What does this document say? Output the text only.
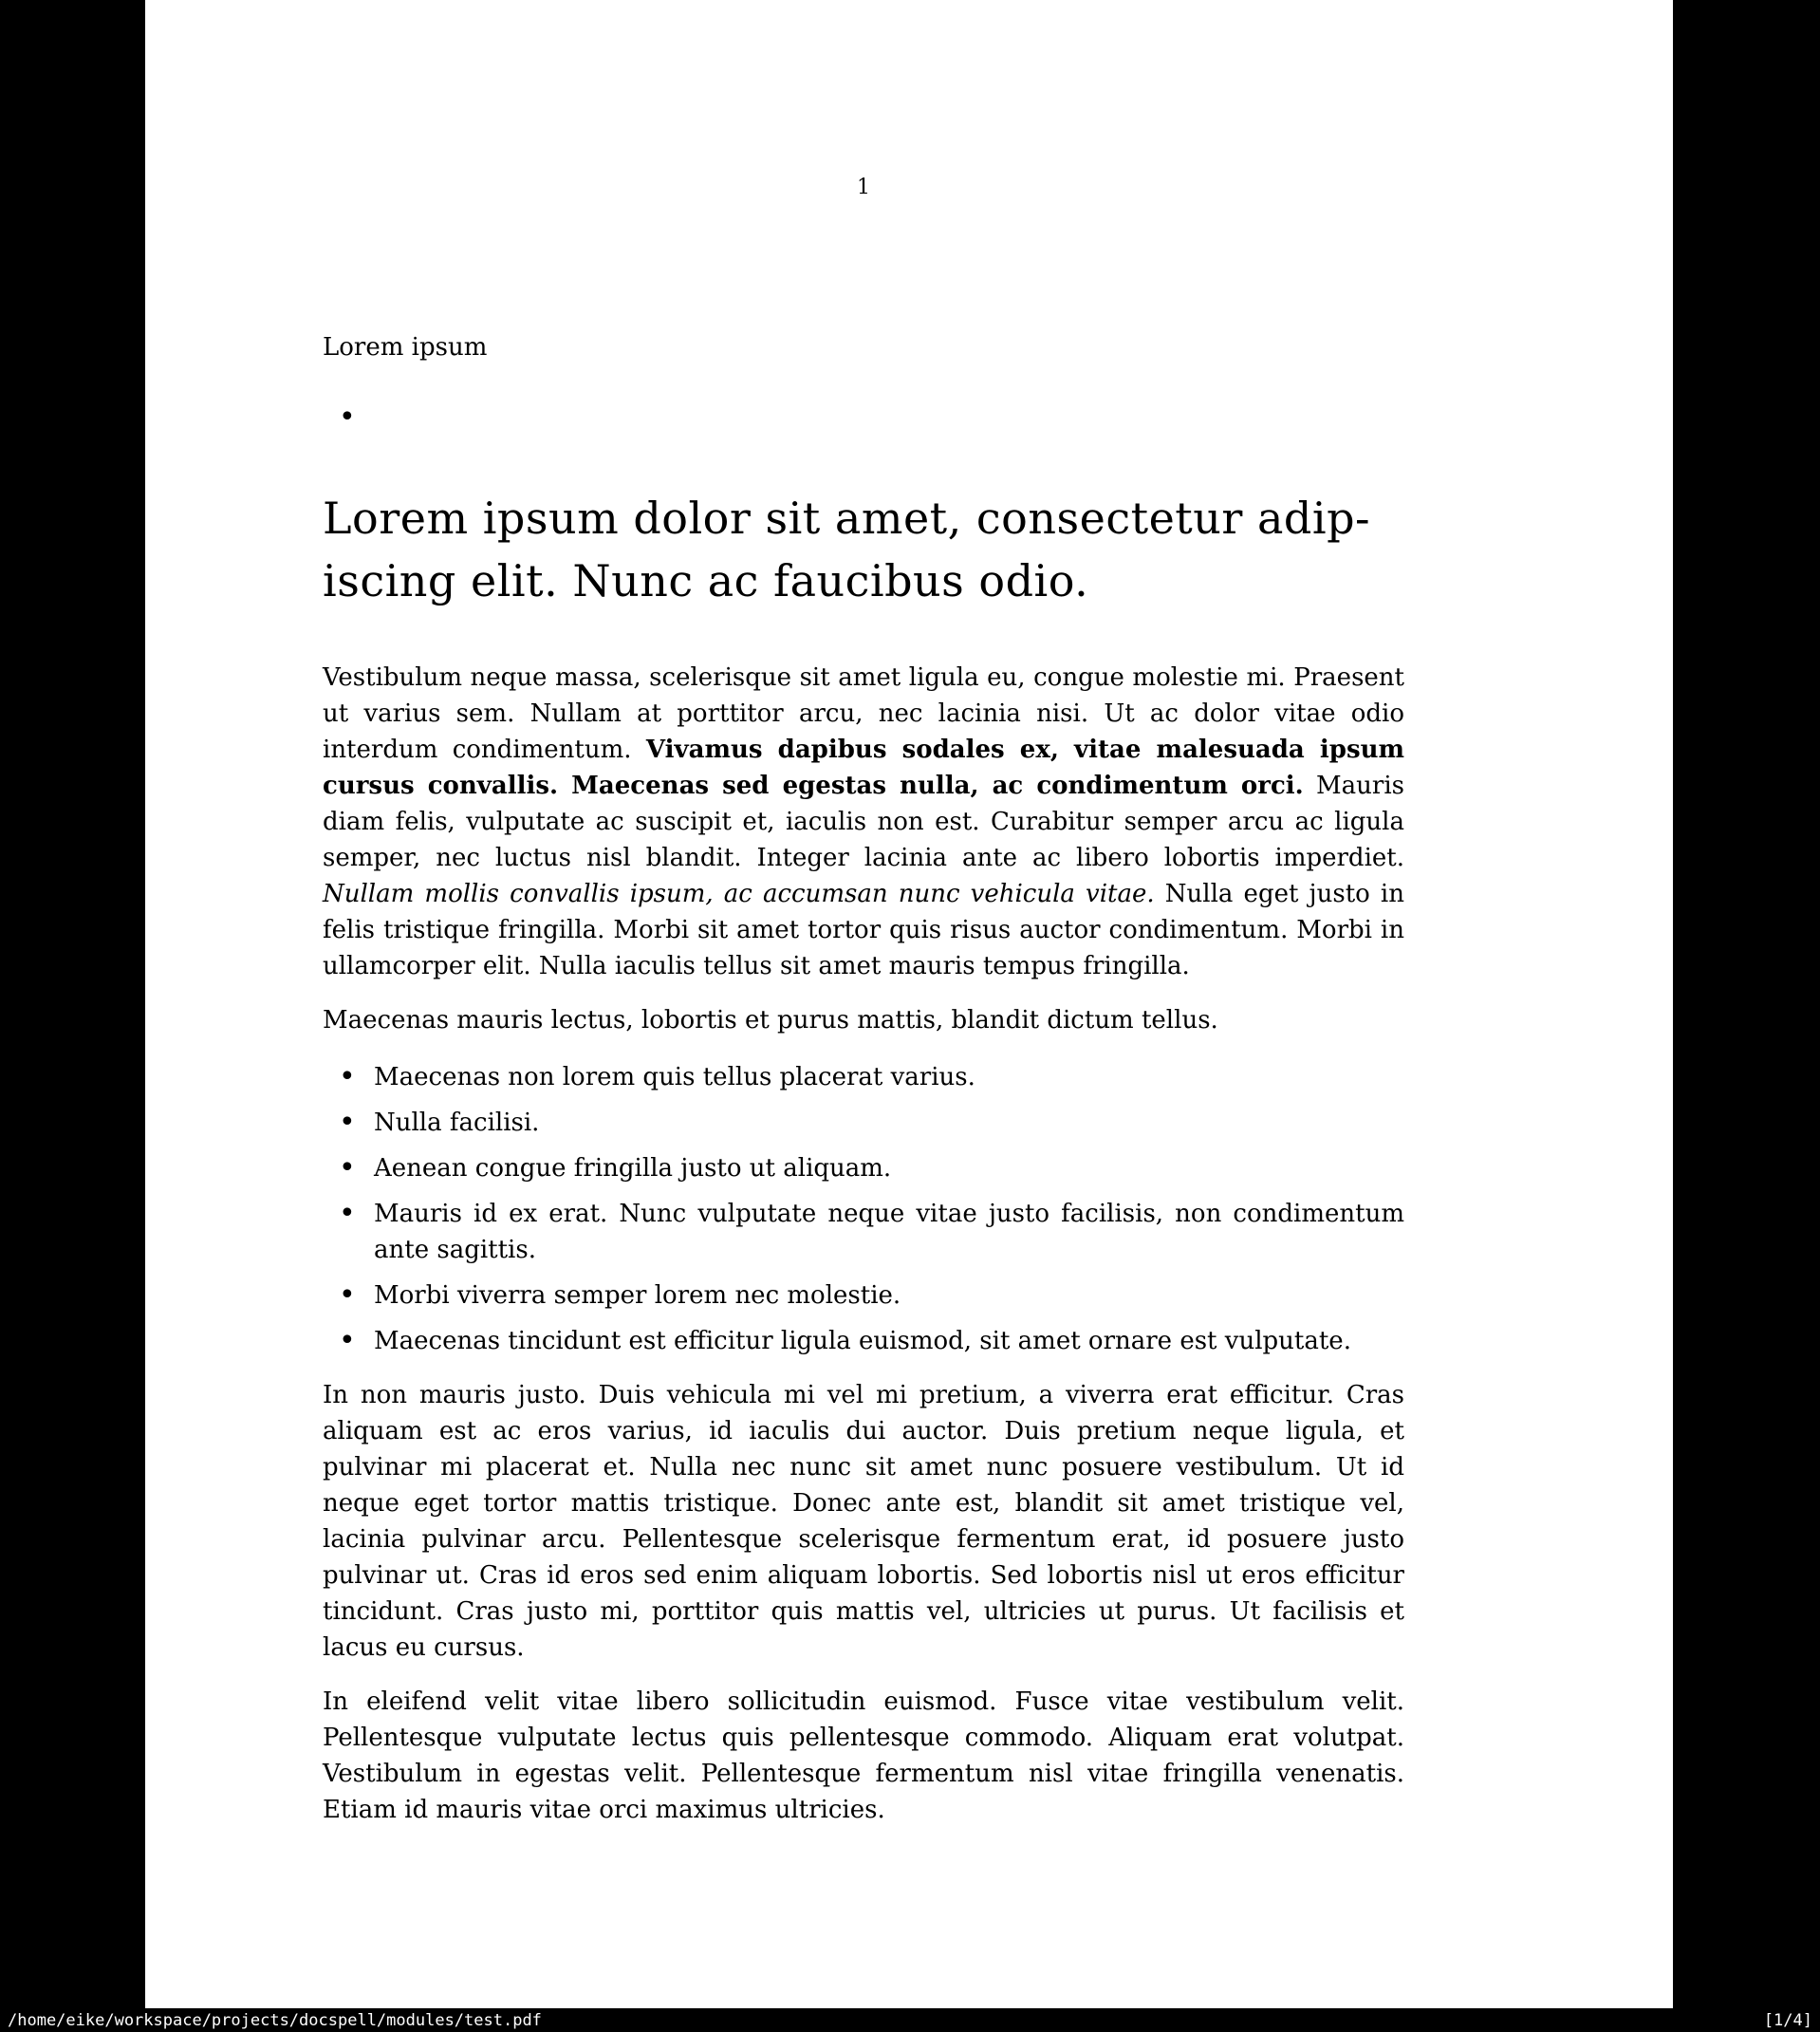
1
Lorem ipsum
•
Lorem ipsum dolor sit amet, consectetur adip-
iscing elit. Nunc ac faucibus odio.
Vestibulum neque massa, scelerisque sit amet ligula eu, congue molestie mi. Praesent ut varius sem. Nullam at porttitor arcu, nec lacinia nisi. Ut ac dolor vitae odio interdum condimentum. Vivamus dapibus sodales ex, vitae malesuada ipsum cursus convallis. Maecenas sed egestas nulla, ac condimentum orci. Mauris diam felis, vulputate ac suscipit et, iaculis non est. Curabitur semper arcu ac ligula semper, nec luctus nisl blandit. Integer lacinia ante ac libero lobortis imperdiet. Nullam mollis convallis ipsum, ac accumsan nunc vehicula vitae. Nulla eget justo in felis tristique fringilla. Morbi sit amet tortor quis risus auctor condimentum. Morbi in ullamcorper elit. Nulla iaculis tellus sit amet mauris tempus fringilla.
Maecenas mauris lectus, lobortis et purus mattis, blandit dictum tellus.
• Maecenas non lorem quis tellus placerat varius.
• Nulla facilisi.
• Aenean congue fringilla justo ut aliquam.
• Mauris id ex erat. Nunc vulputate neque vitae justo facilisis, non condimentum ante sagittis.
• Morbi viverra semper lorem nec molestie.
• Maecenas tincidunt est efficitur ligula euismod, sit amet ornare est vulputate.
In non mauris justo. Duis vehicula mi vel mi pretium, a viverra erat efficitur. Cras aliquam est ac eros varius, id iaculis dui auctor. Duis pretium neque ligula, et pulvinar mi placerat et. Nulla nec nunc sit amet nunc posuere vestibulum. Ut id neque eget tortor mattis tristique. Donec ante est, blandit sit amet tristique vel, lacinia pulvinar arcu. Pellentesque scelerisque fermentum erat, id posuere justo pulvinar ut. Cras id eros sed enim aliquam lobortis. Sed lobortis nisl ut eros efficitur tincidunt. Cras justo mi, porttitor quis mattis vel, ultricies ut purus. Ut facilisis et lacus eu cursus.
In eleifend velit vitae libero sollicitudin euismod. Fusce vitae vestibulum velit. Pellentesque vulputate lectus quis pellentesque commodo. Aliquam erat volutpat. Vestibulum in egestas velit. Pellentesque fermentum nisl vitae fringilla venenatis. Etiam id mauris vitae orci maximus ultricies.
/home/eike/workspace/projects/docspell/modules/test.pdf	[1/4]
